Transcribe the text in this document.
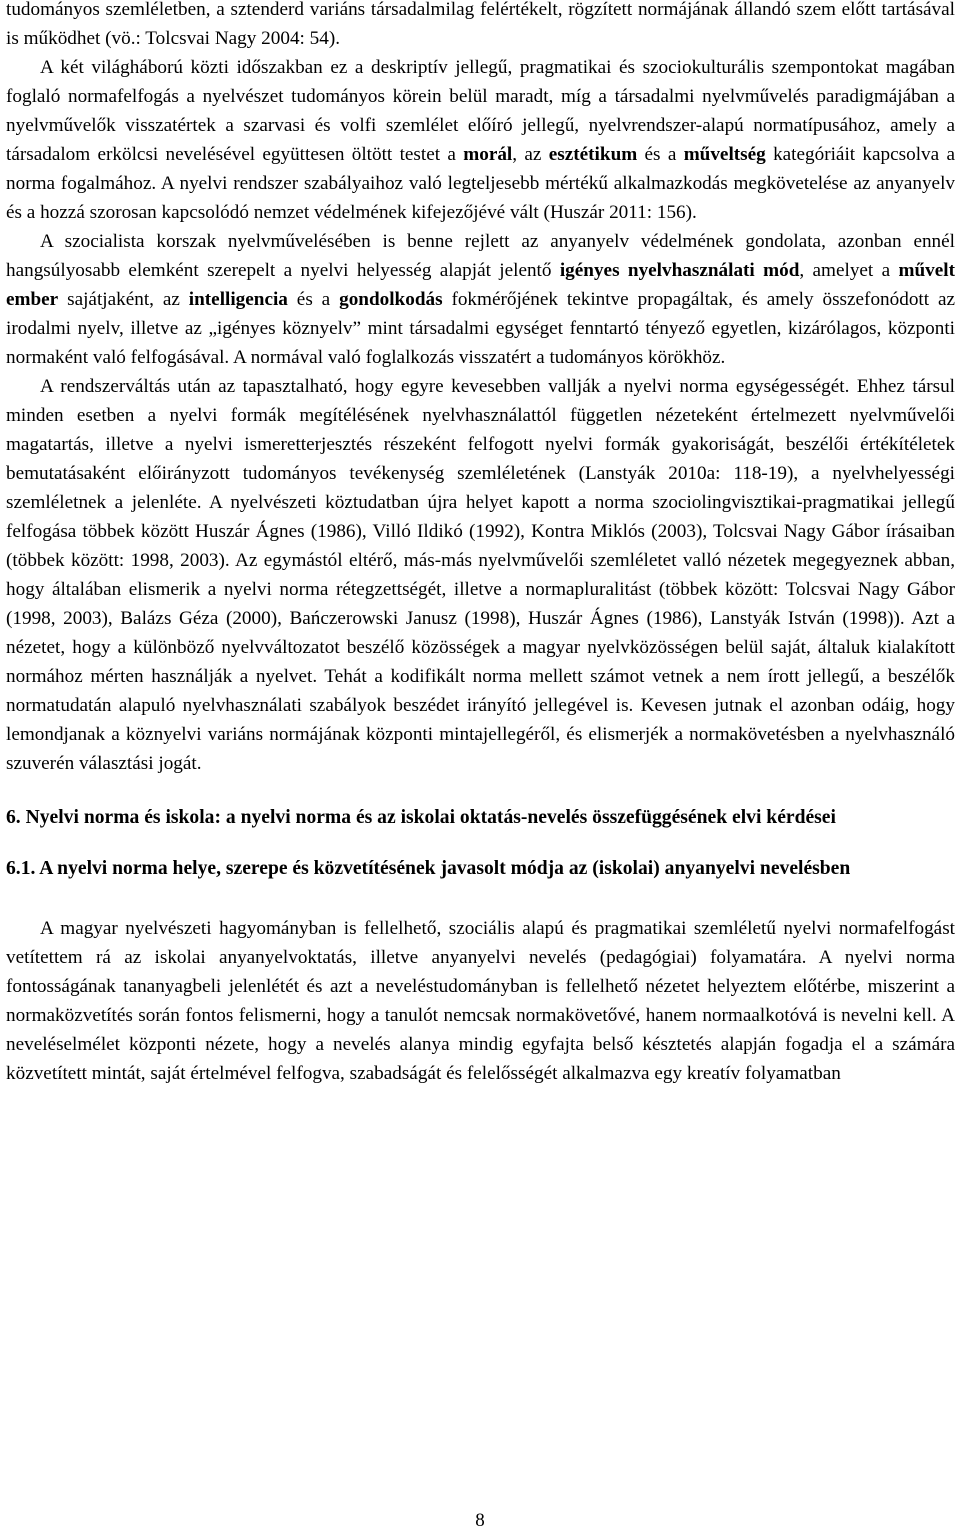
tudományos szemléletben, a sztenderd variáns társadalmilag felértékelt, rögzített normájának állandó szem előtt tartásával is működhet (vö.: Tolcsvai Nagy 2004: 54).

A két világháború közti időszakban ez a deskriptív jellegű, pragmatikai és szociokulturális szempontokat magában foglaló normafelfogás a nyelvészet tudományos körein belül maradt, míg a társadalmi nyelvművelés paradigmájában a nyelvművelők visszatértek a szarvasi és volfi szemlélet előíró jellegű, nyelvrendszer-alapú normatípusához, amely a társadalom erkölcsi nevelésével együttesen öltött testet a morál, az esztétikum és a műveltség kategóriáit kapcsolva a norma fogalmához. A nyelvi rendszer szabályaihoz való legteljesebb mértékű alkalmazkodás megkövetelése az anyanyelv és a hozzá szorosan kapcsolódó nemzet védelmének kifejezőjévé vált (Huszár 2011: 156).

A szocialista korszak nyelvművelésében is benne rejlett az anyanyelv védelmének gondolata, azonban ennél hangsúlyosabb elemként szerepelt a nyelvi helyesség alapját jelentő igényes nyelvhasználati mód, amelyet a művelt ember sajátjaként, az intelligencia és a gondolkodás fokmérőjének tekintve propagáltak, és amely összefonódott az irodalmi nyelv, illetve az „igényes köznyelv” mint társadalmi egységet fenntartó tényező egyetlen, kizárólagos, központi normaként való felfogásával. A normával való foglalkozás visszatért a tudományos körökhöz.

A rendszerváltás után az tapasztalható, hogy egyre kevesebben vallják a nyelvi norma egységességét. Ehhez társul minden esetben a nyelvi formák megítélésének nyelvhasználattól független nézeteként értelmezett nyelvművelői magatartás, illetve a nyelvi ismeretterjesztés részeként felfogott nyelvi formák gyakoriságát, beszélői értékítéletek bemutatásaként előirányzott tudományos tevékenység szemléletének (Lanstyák 2010a: 118-19), a nyelvhelyességi szemléletnek a jelenléte. A nyelvészeti köztudatban újra helyet kapott a norma szociolingvisztikai-pragmatikai jellegű felfogása többek között Huszár Ágnes (1986), Villó Ildikó (1992), Kontra Miklós (2003), Tolcsvai Nagy Gábor írásaiban (többek között: 1998, 2003). Az egymástól eltérő, más-más nyelvművelői szemléletet valló nézetek megegyeznek abban, hogy általában elismerik a nyelvi norma rétegzettségét, illetve a normapluralitást (többek között: Tolcsvai Nagy Gábor (1998, 2003), Balázs Géza (2000), Bańczerowski Janusz (1998), Huszár Ágnes (1986), Lanstyák István (1998)). Azt a nézetet, hogy a különböző nyelvváltozatot beszélő közösségek a magyar nyelvközösségen belül saját, általuk kialakított normához mérten használják a nyelvet. Tehát a kodifikált norma mellett számot vetnek a nem írott jellegű, a beszélők normatudatán alapuló nyelvhasználati szabályok beszédet irányító jellegével is. Kevesen jutnak el azonban odáig, hogy lemondjanak a köznyelvi variáns normájának központi mintajellegéről, és elismerjék a normakövetésben a nyelvhasználó szuverén választási jogát.

6. Nyelvi norma és iskola: a nyelvi norma és az iskolai oktatás-nevelés összefüggésének elvi kérdései
6.1. A nyelvi norma helye, szerepe és közvetítésének javasolt módja az (iskolai) anyanyelvi nevelésben

A magyar nyelvészeti hagyományban is fellelhető, szociális alapú és pragmatikai szemléletű nyelvi normafelfogást vetítettem rá az iskolai anyanyelvoktatás, illetve anyanyelvi nevelés (pedagógiai) folyamatára. A nyelvi norma fontosságának tananyagbeli jelenlétét és azt a neveléstudományban is fellelhető nézetet helyeztem előtérbe, miszerint a normaközvetítés során fontos felismerni, hogy a tanulót nemcsak normakövetővé, hanem normaalkotóvá is nevelni kell. A neveléselmélet központi nézete, hogy a nevelés alanya mindig egyfajta belső késztetés alapján fogadja el a számára közvetített mintát, saját értelmével felfogva, szabadságát és felelősségét alkalmazva egy kreatív folyamatban

8
